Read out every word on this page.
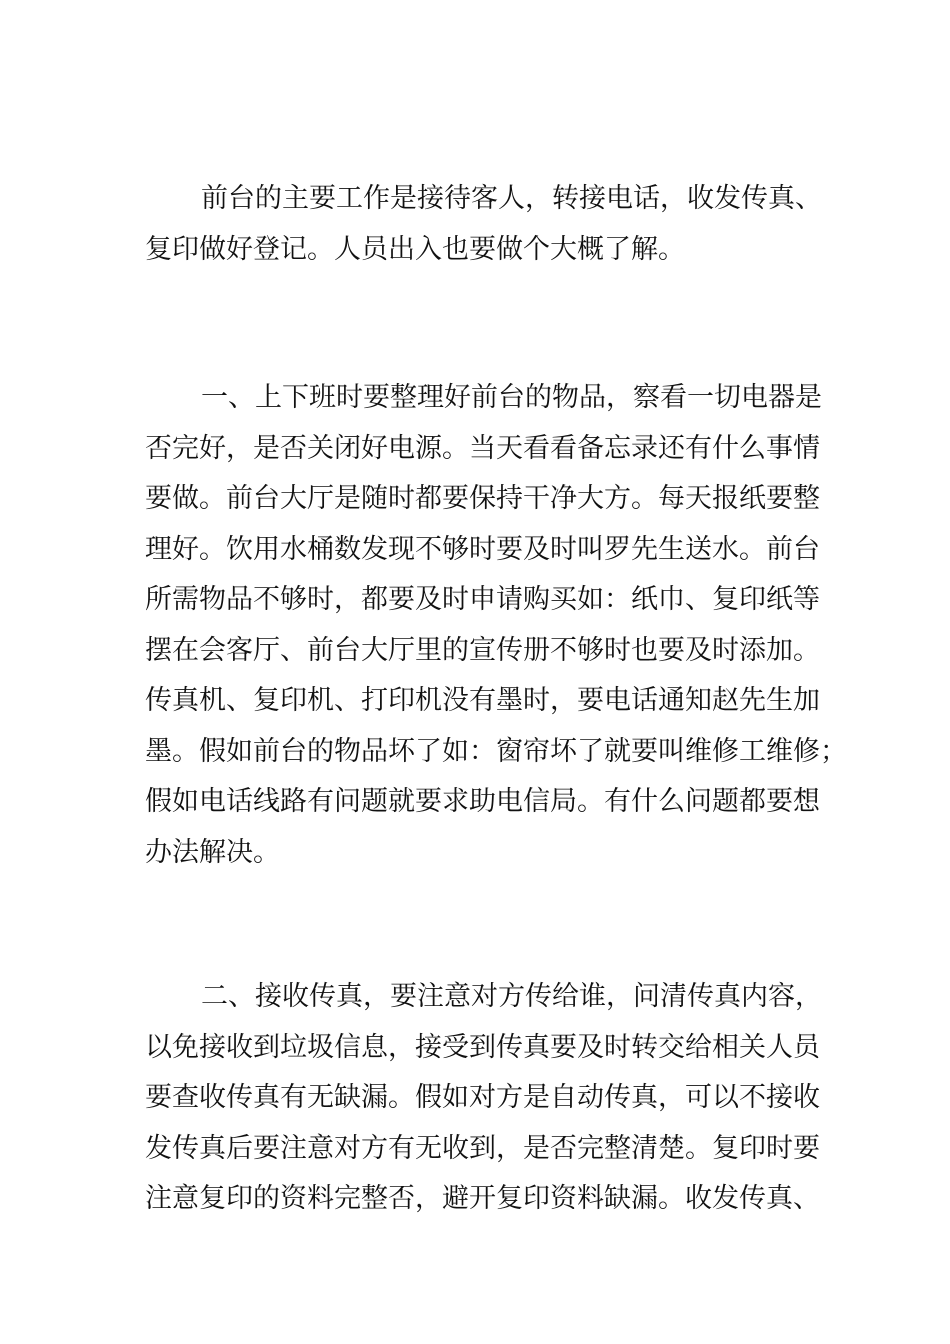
前台的主要工作是接待客人，转接电话，收发传真、
复印做好登记。人员出入也要做个大概了解。
一、上下班时要整理好前台的物品，察看一切电器是
否完好，是否关闭好电源。当天看看备忘录还有什么事情
要做。前台大厅是随时都要保持干净大方。每天报纸要整
理好。饮用水桶数发现不够时要及时叫罗先生送水。前台
所需物品不够时，都要及时申请购买如：纸巾、复印纸等
摆在会客厅、前台大厅里的宣传册不够时也要及时添加。
传真机、复印机、打印机没有墨时，要电话通知赵先生加
墨。假如前台的物品坏了如：窗帘坏了就要叫维修工维修；
假如电话线路有问题就要求助电信局。有什么问题都要想
办法解决。
二、接收传真，要注意对方传给谁，问清传真内容，
以免接收到垃圾信息，接受到传真要及时转交给相关人员
要查收传真有无缺漏。假如对方是自动传真，可以不接收
发传真后要注意对方有无收到，是否完整清楚。复印时要
注意复印的资料完整否，避开复印资料缺漏。收发传真、
